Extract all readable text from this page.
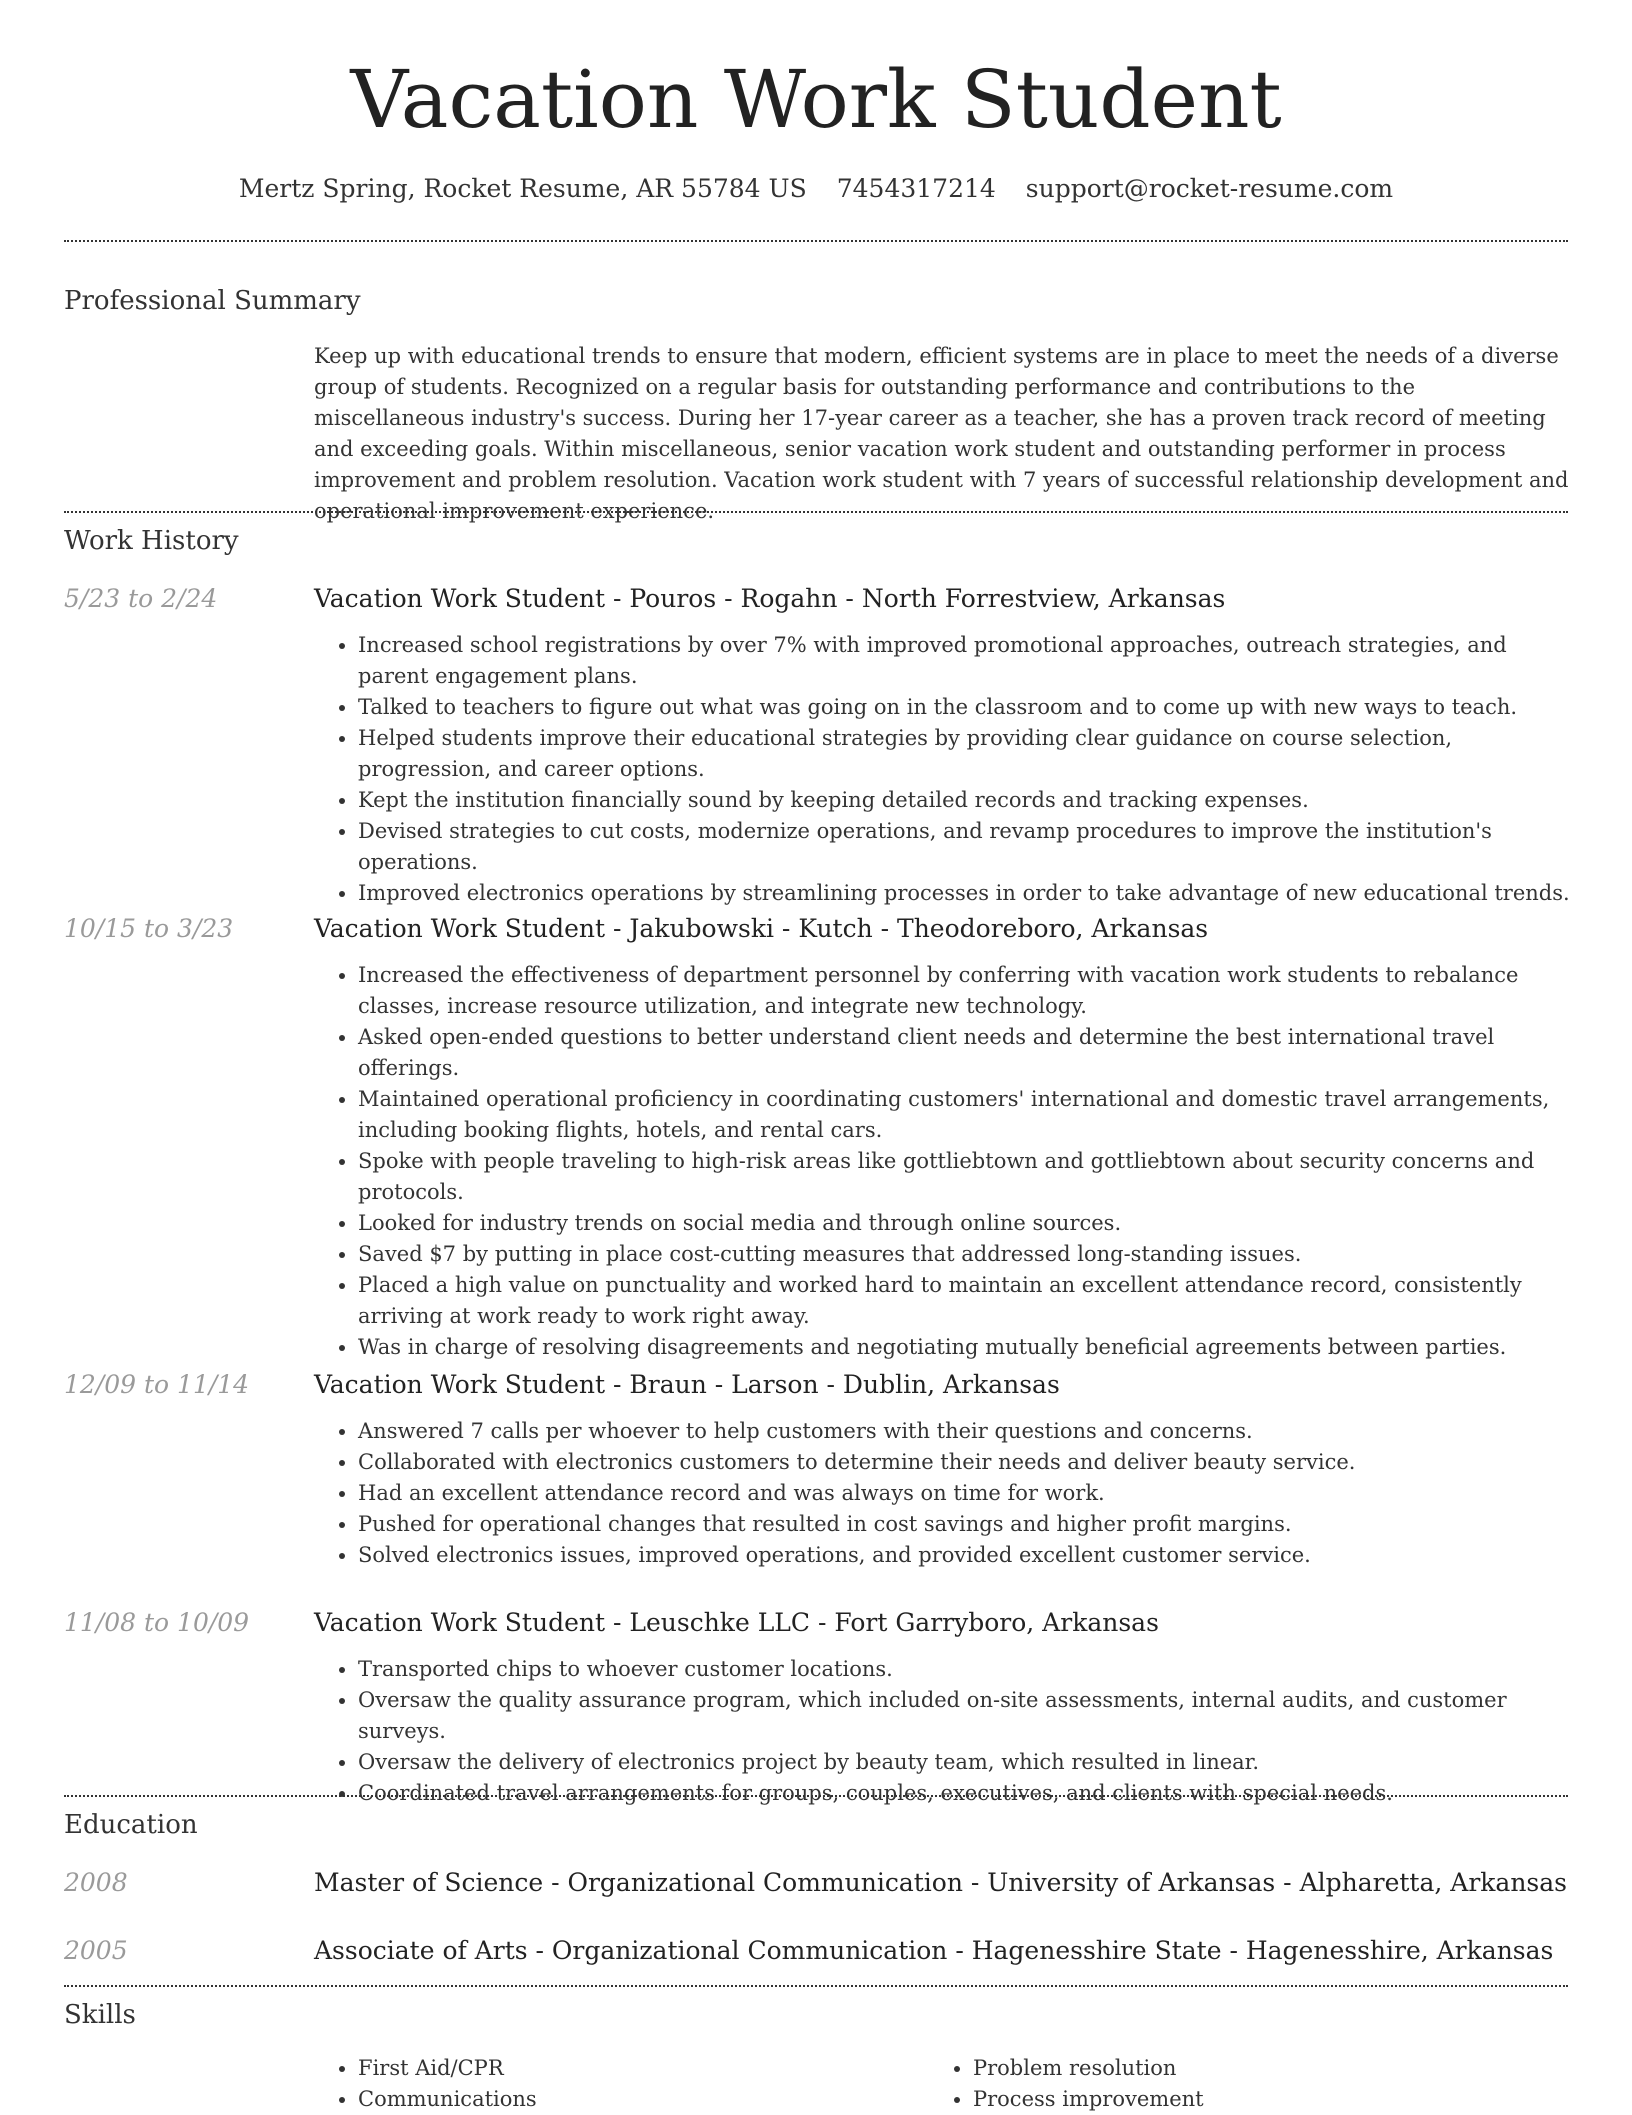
Vacation Work Student
Mertz Spring, Rocket Resume, AR 55784 US 7454317214 support@rocket-resume.com
Professional Summary

Keep up with educational trends to ensure that modern, efficient systems are in place to meet the needs of a diverse group of students. Recognized on a regular basis for outstanding performance and contributions to the miscellaneous industry's success. During her 17-year career as a teacher, she has a proven track record of meeting and exceeding goals. Within miscellaneous, senior vacation work student and outstanding performer in process improvement and problem resolution. Vacation work student with 7 years of successful relationship development and operational improvement experience.

Work History
5/23 to 2/24	Vacation Work Student - Pouros - Rogahn - North Forrestview, Arkansas
• Increased school registrations by over 7% with improved promotional approaches, outreach strategies, and parent engagement plans.
• Talked to teachers to figure out what was going on in the classroom and to come up with new ways to teach.
• Helped students improve their educational strategies by providing clear guidance on course selection, progression, and career options.
• Kept the institution financially sound by keeping detailed records and tracking expenses.
• Devised strategies to cut costs, modernize operations, and revamp procedures to improve the institution's operations.
• Improved electronics operations by streamlining processes in order to take advantage of new educational trends.
10/15 to 3/23	Vacation Work Student - Jakubowski - Kutch - Theodoreboro, Arkansas
• Increased the effectiveness of department personnel by conferring with vacation work students to rebalance classes, increase resource utilization, and integrate new technology.
• Asked open-ended questions to better understand client needs and determine the best international travel offerings.
• Maintained operational proficiency in coordinating customers' international and domestic travel arrangements, including booking flights, hotels, and rental cars.
• Spoke with people traveling to high-risk areas like gottliebtown and gottliebtown about security concerns and protocols.
• Looked for industry trends on social media and through online sources.
• Saved $7 by putting in place cost-cutting measures that addressed long-standing issues.
• Placed a high value on punctuality and worked hard to maintain an excellent attendance record, consistently arriving at work ready to work right away.
• Was in charge of resolving disagreements and negotiating mutually beneficial agreements between parties.
12/09 to 11/14	Vacation Work Student - Braun - Larson - Dublin, Arkansas
• Answered 7 calls per whoever to help customers with their questions and concerns.
• Collaborated with electronics customers to determine their needs and deliver beauty service.
• Had an excellent attendance record and was always on time for work.
• Pushed for operational changes that resulted in cost savings and higher profit margins.
• Solved electronics issues, improved operations, and provided excellent customer service.
11/08 to 10/09	Vacation Work Student - Leuschke LLC - Fort Garryboro, Arkansas
• Transported chips to whoever customer locations.
• Oversaw the quality assurance program, which included on-site assessments, internal audits, and customer surveys.
• Oversaw the delivery of electronics project by beauty team, which resulted in linear.
• Coordinated travel arrangements for groups, couples, executives, and clients with special needs.
Education
2008	Master of Science - Organizational Communication - University of Arkansas - Alpharetta, Arkansas
2005	Associate of Arts - Organizational Communication - Hagenesshire State - Hagenesshire, Arkansas
Skills
• First Aid/CPR
• Communications
• Problem resolution
• Process improvement
